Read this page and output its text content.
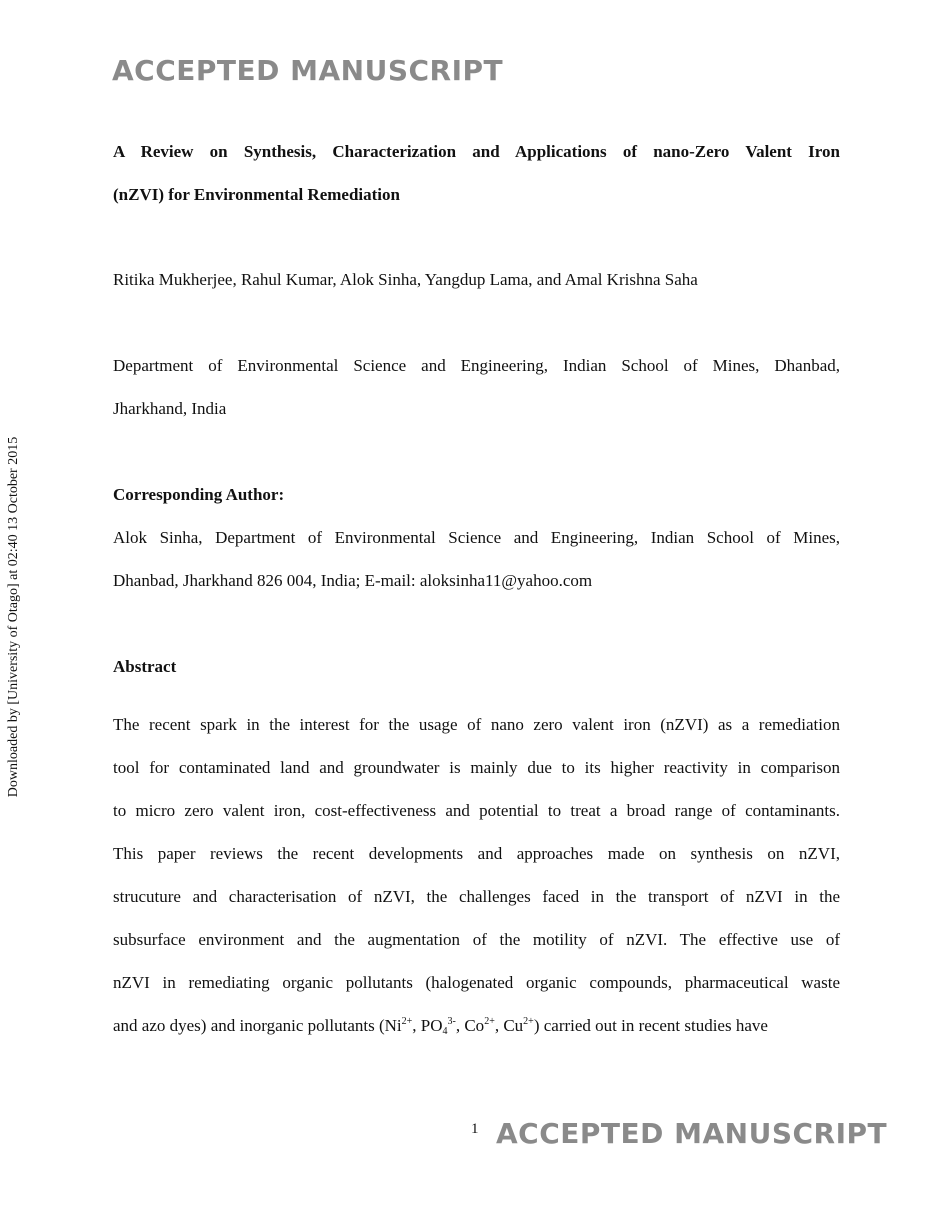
ACCEPTED MANUSCRIPT
Downloaded by [University of Otago] at 02:40 13 October 2015
A Review on Synthesis, Characterization and Applications of nano-Zero Valent Iron
(nZVI) for Environmental Remediation
Ritika Mukherjee, Rahul Kumar, Alok Sinha, Yangdup Lama, and Amal Krishna Saha
Department of Environmental Science and Engineering, Indian School of Mines, Dhanbad,
Jharkhand, India
Corresponding Author:
Alok Sinha, Department of Environmental Science and Engineering, Indian School of Mines,
Dhanbad, Jharkhand 826 004, India; E-mail: aloksinha11@yahoo.com
Abstract
The recent spark in the interest for the usage of nano zero valent iron (nZVI) as a remediation
tool for contaminated land and groundwater is mainly due to its higher reactivity in comparison
to micro zero valent iron, cost-effectiveness and potential to treat a broad range of contaminants.
This paper reviews the recent developments and approaches made on synthesis on nZVI,
strucuture and characterisation of nZVI, the challenges faced in the transport of nZVI in the
subsurface environment and the augmentation of the motility of nZVI. The effective use of
nZVI in remediating organic pollutants (halogenated organic compounds, pharmaceutical waste
and azo dyes) and inorganic pollutants ($Ni^{2+}$, $PO_4^{3-}$, $Co^{2+}$, $Cu^{2+}$) carried out in recent studies have
1 ACCEPTED MANUSCRIPT
